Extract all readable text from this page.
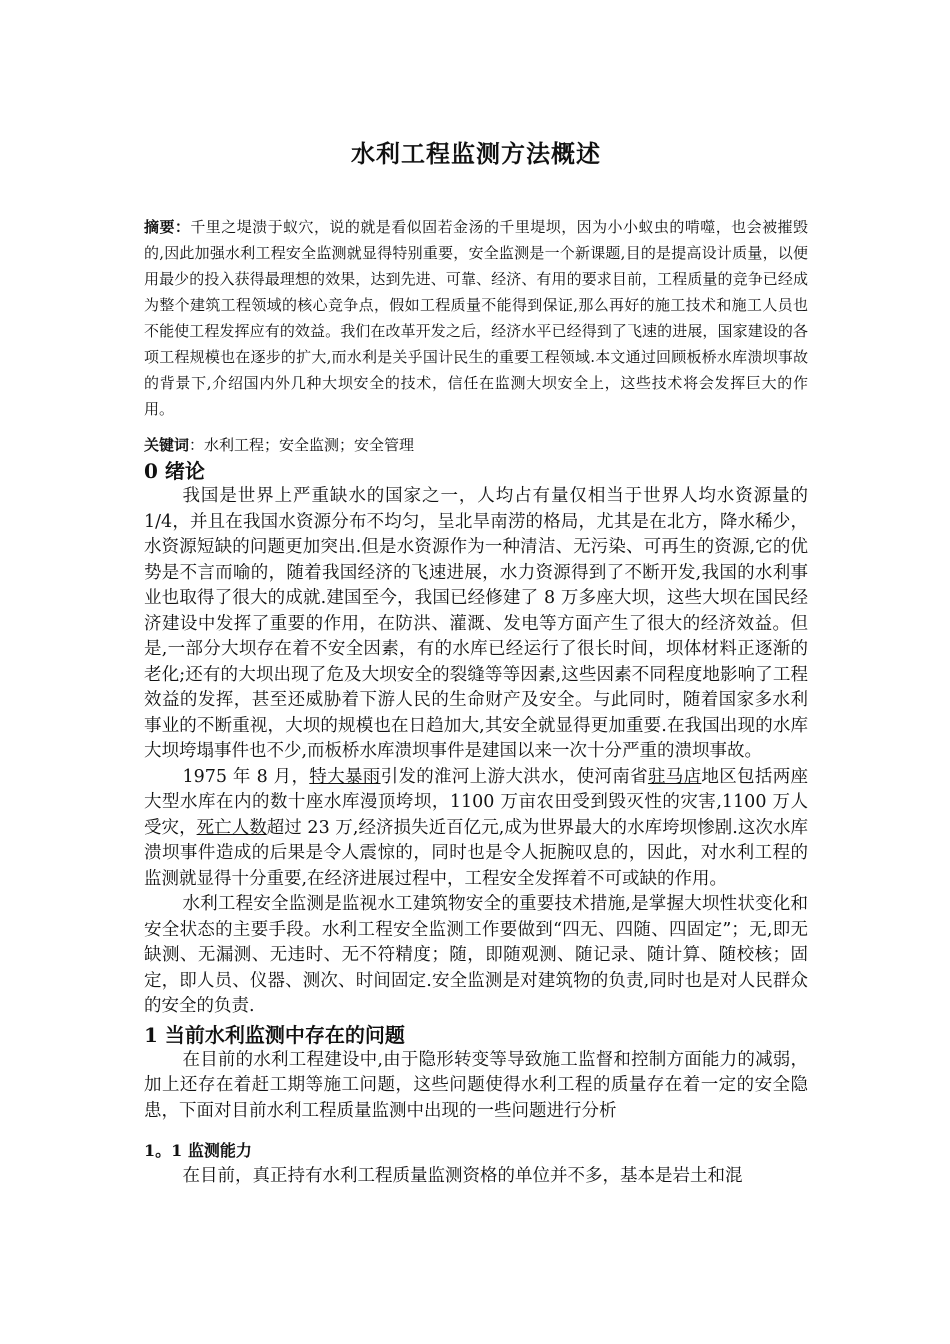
水利工程监测方法概述

摘要：千里之堤溃于蚁穴，说的就是看似固若金汤的千里堤坝，因为小小蚁虫的啃噬，也会被摧毁的,因此加强水利工程安全监测就显得特别重要，安全监测是一个新课题,目的是提高设计质量，以便用最少的投入获得最理想的效果，达到先进、可靠、经济、有用的要求目前，工程质量的竞争已经成为整个建筑工程领域的核心竞争点，假如工程质量不能得到保证,那么再好的施工技术和施工人员也不能使工程发挥应有的效益。我们在改革开发之后，经济水平已经得到了飞速的进展，国家建设的各项工程规模也在逐步的扩大,而水利是关乎国计民生的重要工程领域.本文通过回顾板桥水库溃坝事故的背景下,介绍国内外几种大坝安全的技术，信任在监测大坝安全上，这些技术将会发挥巨大的作用。

关键词：水利工程；安全监测；安全管理

0 绪论

我国是世界上严重缺水的国家之一，人均占有量仅相当于世界人均水资源量的 1/4，并且在我国水资源分布不均匀，呈北旱南涝的格局，尤其是在北方，降水稀少，水资源短缺的问题更加突出.但是水资源作为一种清洁、无污染、可再生的资源,它的优势是不言而喻的，随着我国经济的飞速进展，水力资源得到了不断开发,我国的水利事业也取得了很大的成就.建国至今，我国已经修建了 8 万多座大坝，这些大坝在国民经济建设中发挥了重要的作用，在防洪、灌溉、发电等方面产生了很大的经济效益。但是,一部分大坝存在着不安全因素，有的水库已经运行了很长时间，坝体材料正逐渐的老化;还有的大坝出现了危及大坝安全的裂缝等等因素,这些因素不同程度地影响了工程效益的发挥，甚至还威胁着下游人民的生命财产及安全。与此同时，随着国家多水利事业的不断重视，大坝的规模也在日趋加大,其安全就显得更加重要.在我国出现的水库大坝垮塌事件也不少,而板桥水库溃坝事件是建国以来一次十分严重的溃坝事故。

1975 年 8 月，特大暴雨引发的淮河上游大洪水，使河南省驻马店地区包括两座大型水库在内的数十座水库漫顶垮坝，1100 万亩农田受到毁灭性的灾害,1100 万人受灾，死亡人数超过 23 万,经济损失近百亿元,成为世界最大的水库垮坝惨剧.这次水库溃坝事件造成的后果是令人震惊的，同时也是令人扼腕叹息的，因此，对水利工程的监测就显得十分重要,在经济进展过程中，工程安全发挥着不可或缺的作用。

水利工程安全监测是监视水工建筑物安全的重要技术措施,是掌握大坝性状变化和安全状态的主要手段。水利工程安全监测工作要做到“四无、四随、四固定”；无,即无缺测、无漏测、无违时、无不符精度；随，即随观测、随记录、随计算、随校核；固定，即人员、仪器、测次、时间固定.安全监测是对建筑物的负责,同时也是对人民群众的安全的负责.

1 当前水利监测中存在的问题

在目前的水利工程建设中,由于隐形转变等导致施工监督和控制方面能力的减弱，加上还存在着赶工期等施工问题，这些问题使得水利工程的质量存在着一定的安全隐患，下面对目前水利工程质量监测中出现的一些问题进行分析

1。1 监测能力

在目前，真正持有水利工程质量监测资格的单位并不多，基本是岩土和混
